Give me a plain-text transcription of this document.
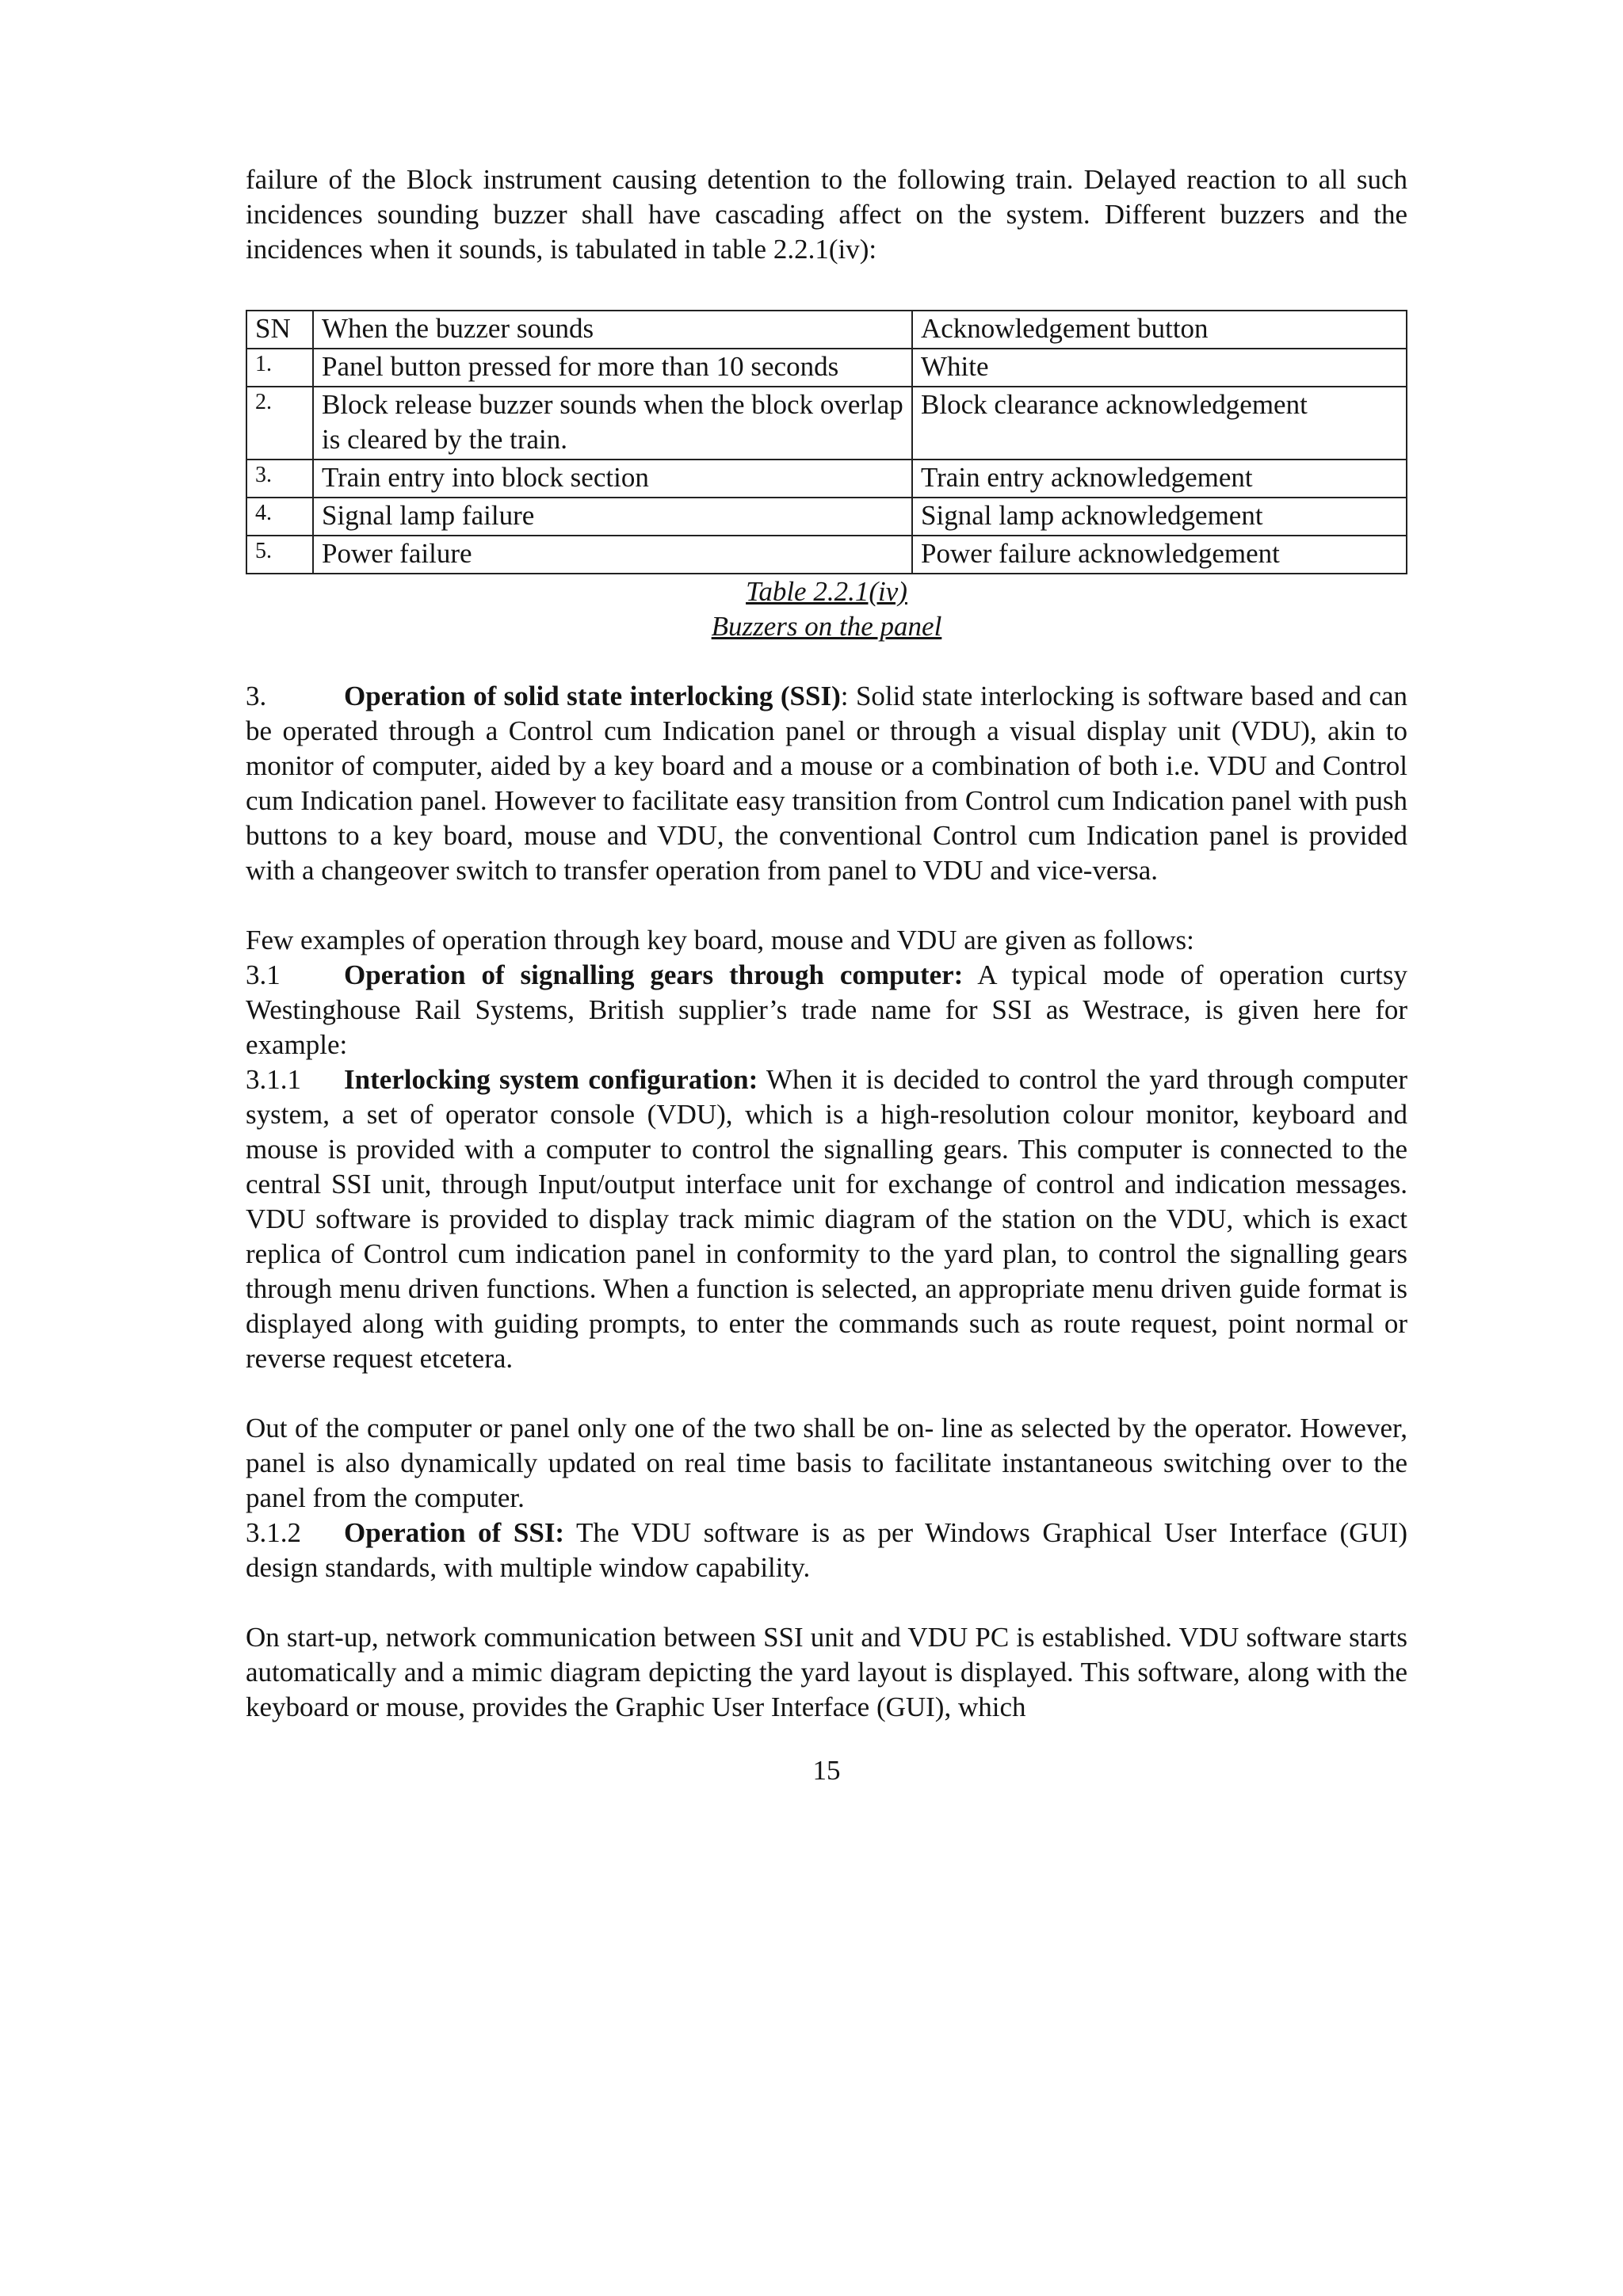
failure of the Block instrument causing detention to the following train. Delayed reaction to all such incidences sounding buzzer shall have cascading affect on the system. Different buzzers and the incidences when it sounds, is tabulated in table 2.2.1(iv):

SN	When the buzzer sounds	Acknowledgement button
1.	Panel button pressed for more than 10 seconds	White
2.	Block release buzzer sounds when the block overlap is cleared by the train.	Block clearance acknowledgement
3.	Train entry into block section	Train entry acknowledgement
4.	Signal lamp failure	Signal lamp acknowledgement
5.	Power failure	Power failure acknowledgement
Table 2.2.1(iv)
Buzzers on the panel

3.	Operation of solid state interlocking (SSI): Solid state interlocking is software based and can be operated through a Control cum Indication panel or through a visual display unit (VDU), akin to monitor of computer, aided by a key board and a mouse or a combination of both i.e. VDU and Control cum Indication panel. However to facilitate easy transition from Control cum Indication panel with push buttons to a key board, mouse and VDU, the conventional Control cum Indication panel is provided with a changeover switch to transfer operation from panel to VDU and vice-versa.

Few examples of operation through key board, mouse and VDU are given as follows:

3.1 Operation of signalling gears through computer: A typical mode of operation curtsy Westinghouse Rail Systems, British supplier’s trade name for SSI as Westrace, is given here for example:

3.1.1 Interlocking system configuration: When it is decided to control the yard through computer system, a set of operator console (VDU), which is a high-resolution colour monitor, keyboard and mouse is provided with a computer to control the signalling gears. This computer is connected to the central SSI unit, through Input/output interface unit for exchange of control and indication messages. VDU software is provided to display track mimic diagram of the station on the VDU, which is exact replica of Control cum indication panel in conformity to the yard plan, to control the signalling gears through menu driven functions. When a function is selected, an appropriate menu driven guide format is displayed along with guiding prompts, to enter the commands such as route request, point normal or reverse request etcetera.

Out of the computer or panel only one of the two shall be on- line as selected by the operator. However, panel is also dynamically updated on real time basis to facilitate instantaneous switching over to the panel from the computer.

3.1.2 Operation of SSI: The VDU software is as per Windows Graphical User Interface (GUI) design standards, with multiple window capability.

On start-up, network communication between SSI unit and VDU PC is established. VDU software starts automatically and a mimic diagram depicting the yard layout is displayed. This software, along with the keyboard or mouse, provides the Graphic User Interface (GUI), which

15
